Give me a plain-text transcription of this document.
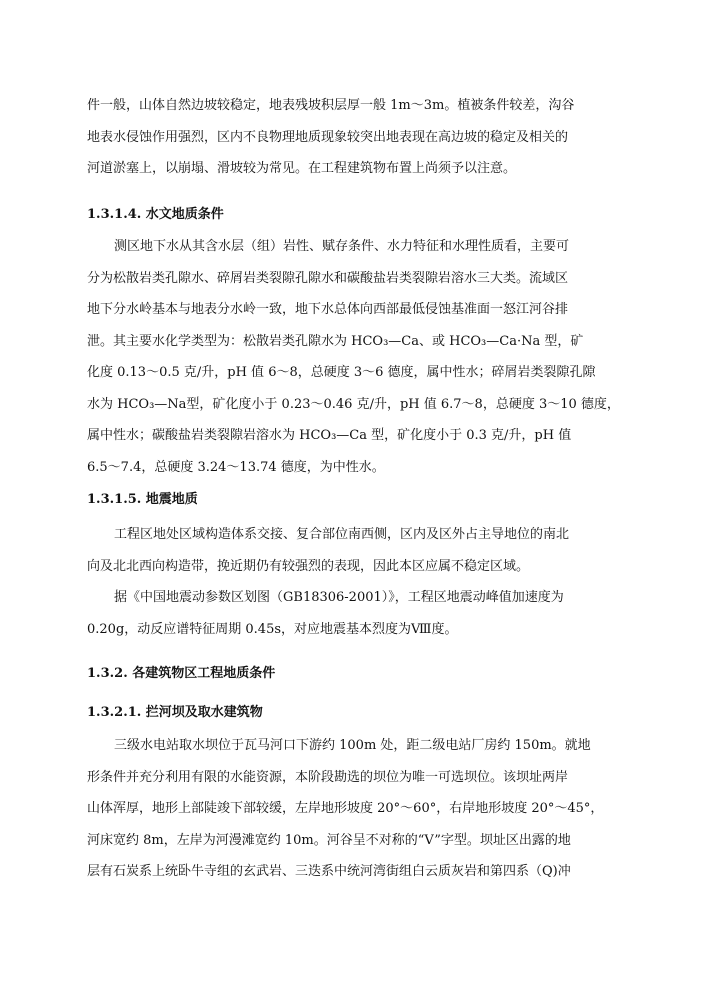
件一般，山体自然边坡较稳定，地表残坡积层厚一般 1m～3m。植被条件较差，沟谷
地表水侵蚀作用强烈，区内不良物理地质现象较突出地表现在高边坡的稳定及相关的
河道淤塞上，以崩塌、滑坡较为常见。在工程建筑物布置上尚须予以注意。

1.3.1.4. 水文地质条件

测区地下水从其含水层（组）岩性、赋存条件、水力特征和水理性质看，主要可
分为松散岩类孔隙水、碎屑岩类裂隙孔隙水和碳酸盐岩类裂隙岩溶水三大类。流域区
地下分水岭基本与地表分水岭一致，地下水总体向西部最低侵蚀基准面一怒江河谷排
泄。其主要水化学类型为：松散岩类孔隙水为 HCO₃—Ca、或 HCO₃—Ca·Na 型，矿
化度 0.13～0.5 克/升，pH 值 6～8，总硬度 3～6 德度，属中性水；碎屑岩类裂隙孔隙
水为 HCO₃—Na型，矿化度小于 0.23～0.46 克/升，pH 值 6.7～8，总硬度 3～10 德度，
属中性水；碳酸盐岩类裂隙岩溶水为 HCO₃—Ca 型，矿化度小于 0.3 克/升，pH 值
6.5～7.4，总硬度 3.24～13.74 德度，为中性水。

1.3.1.5. 地震地质

工程区地处区域构造体系交接、复合部位南西侧，区内及区外占主导地位的南北
向及北北西向构造带，挽近期仍有较强烈的表现，因此本区应属不稳定区域。

据《中国地震动参数区划图（GB18306-2001）》，工程区地震动峰值加速度为
0.20g，动反应谱特征周期 0.45s，对应地震基本烈度为Ⅷ度。

1.3.2. 各建筑物区工程地质条件
1.3.2.1. 拦河坝及取水建筑物

三级水电站取水坝位于瓦马河口下游约 100m 处，距二级电站厂房约 150m。就地
形条件并充分利用有限的水能资源，本阶段勘选的坝位为唯一可选坝位。该坝址两岸
山体浑厚，地形上部陡竣下部较缓，左岸地形坡度 20°～60°，右岸地形坡度 20°～45°，
河床宽约 8m，左岸为河漫滩宽约 10m。河谷呈不对称的“V”字型。坝址区出露的地
层有石炭系上统卧牛寺组的玄武岩、三迭系中统河湾街组白云质灰岩和第四系（Q)冲
